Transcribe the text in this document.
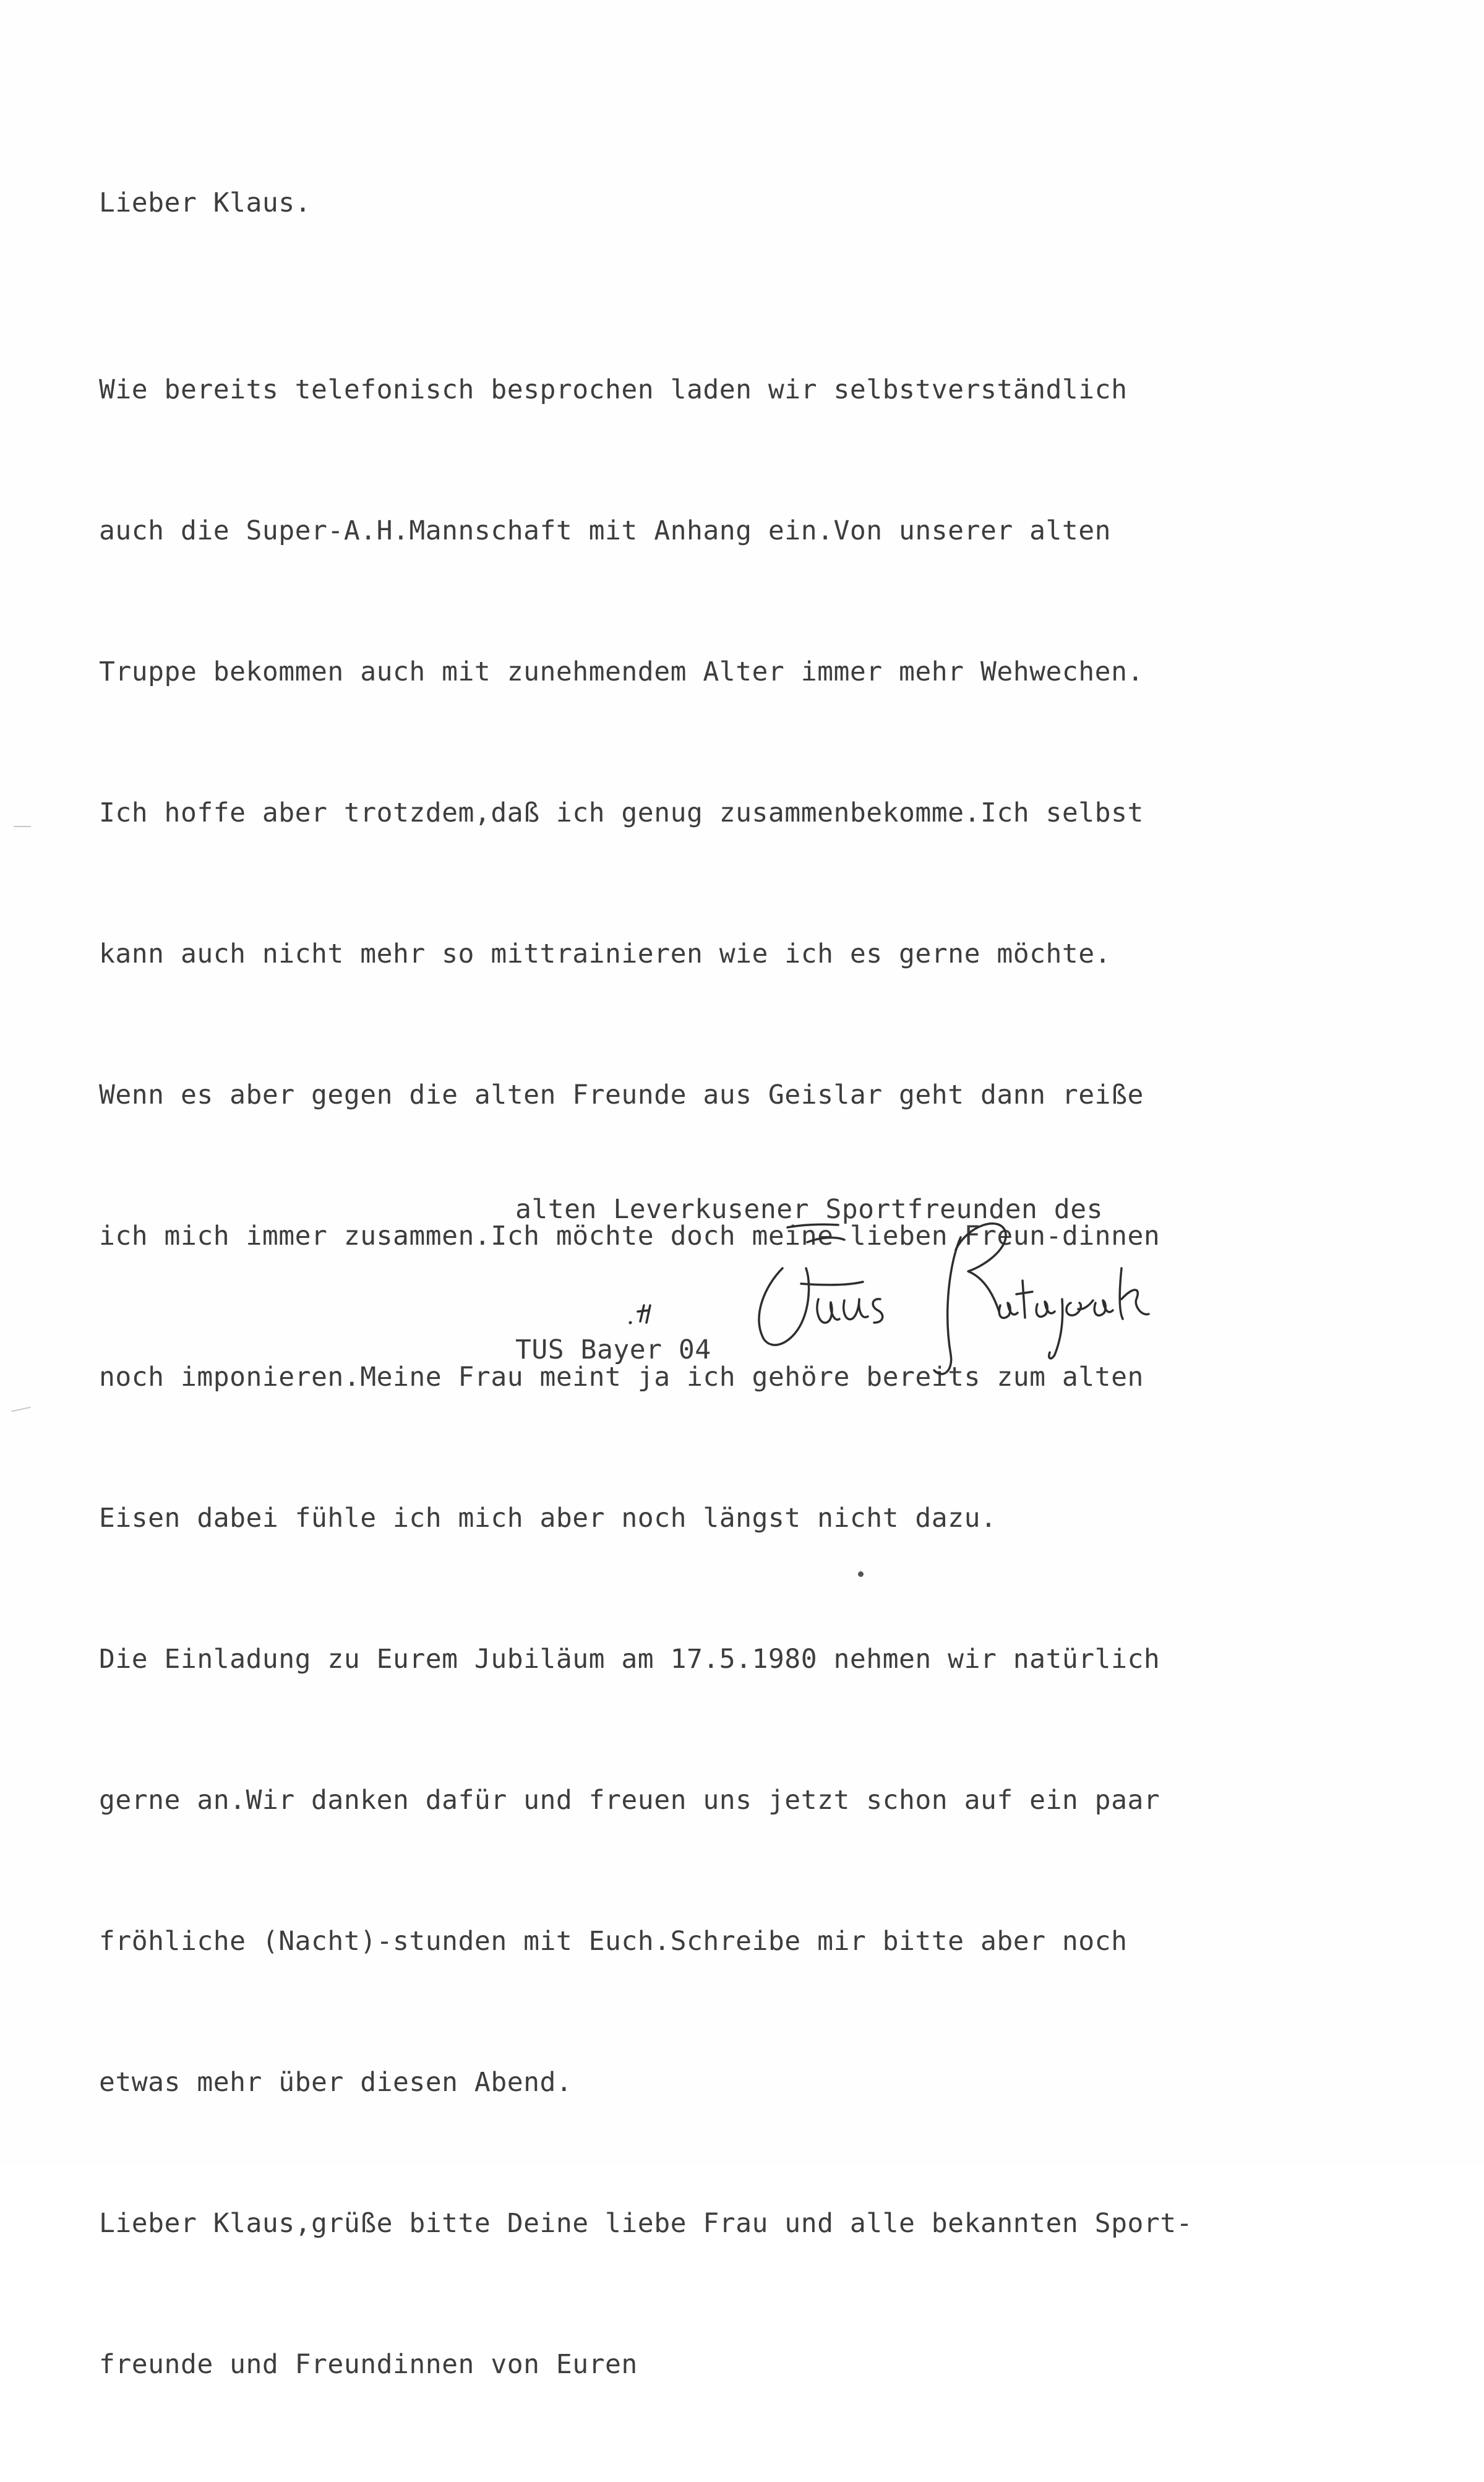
Lieber Klaus.

Wie bereits telefonisch besprochen laden wir selbstverständlich

auch die Super-A.H.Mannschaft mit Anhang ein.Von unserer alten

Truppe bekommen auch mit zunehmendem Alter immer mehr Wehwechen.

Ich hoffe aber trotzdem,daß ich genug zusammenbekomme.Ich selbst

kann auch nicht mehr so mittrainieren wie ich es gerne möchte.

Wenn es aber gegen die alten Freunde aus Geislar geht dann reiße

ich mich immer zusammen.Ich möchte doch meine lieben Freun-dinnen

noch imponieren.Meine Frau meint ja ich gehöre bereits zum alten

Eisen dabei fühle ich mich aber noch längst nicht dazu.

Die Einladung zu Eurem Jubiläum am 17.5.1980 nehmen wir natürlich

gerne an.Wir danken dafür und freuen uns jetzt schon auf ein paar

fröhliche (Nacht)-stunden mit Euch.Schreibe mir bitte aber noch

etwas mehr über diesen Abend.

Lieber Klaus,grüße bitte Deine liebe Frau und alle bekannten Sport-

freunde und Freundinnen von Euren

alten Leverkusener Sportfreunden des

TUS Bayer 04
